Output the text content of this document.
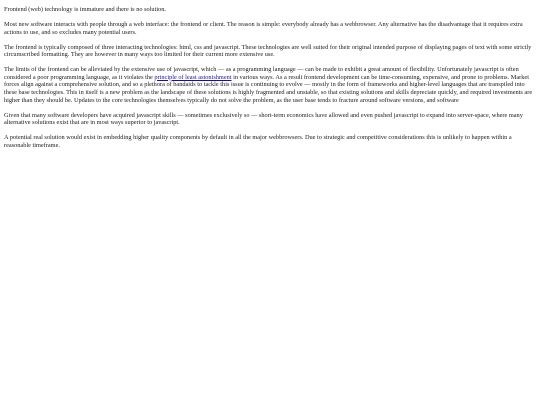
Frontend (web) technology is immature and there is no solution.

Most new software interacts with people through a web interface: the frontend or client. The reason is simple: everybody already has a webbrowser. Any alternative has the disadvantage that it requires extra actions to use, and so excludes many potential users.

The frontend is typically composed of three interacting technologies: html, css and javascript. These technologies are well suited for their original intended purpose of displaying pages of text with some strictly circumscribed formatting. They are however in many ways too limited for their current more extensive use.

The limits of the frontend can be alleviated by the extensive use of javascript, which — as a programming language — can be made to exhibit a great amount of flexibility. Unfortunately javascript is often considered a poor programming language, as it violates the principle of least astonishment in various ways. As a result frontend development can be time-consuming, expensive, and prone to problems. Market forces align against a comprehensive solution, and so a plethora of bandaids to tackle this issue is continuing to evolve — mostly in the form of frameworks and higher-level languages that are transpiled into these base technologies. This in itself is a new problem as the landscape of these solutions is highly fragmented and unstable, so that existing solutions and skills depreciate quickly, and required investments are higher than they should be. Updates to the core technologies themselves typically do not solve the problem, as the user base tends to fracture around software versions, and software

Given that many software developers have acquired javascript skills — sometimes exclusively so — short-term economics have allowed and even pushed javascript to expand into server-space, where many alternative solutions exist that are in most ways superior to javascript.

A potential real solution would exist in embedding higher quality components by default in all the major webbrowsers. Due to strategic and competitive considerations this is unlikely to happen within a reasonable timeframe.
